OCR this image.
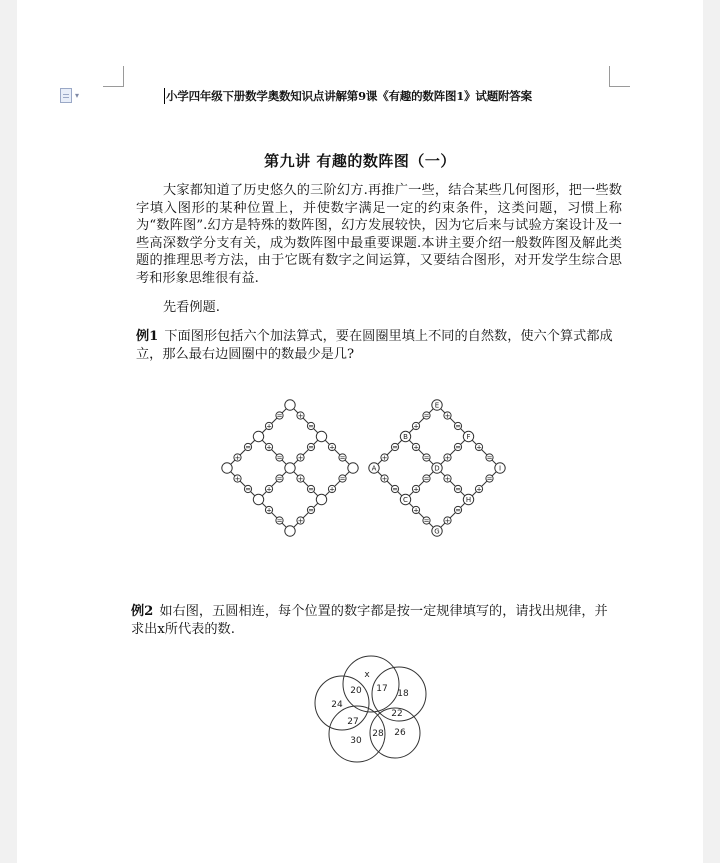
▾	小学四年级下册数学奥数知识点讲解第9课《有趣的数阵图1》试题附答案
第九讲 有趣的数阵图（一）

大家都知道了历史悠久的三阶幻方.再推广一些，结合某些几何图形，把一些数字填入图形的某种位置上，并使数字满足一定的约束条件，这类问题，习惯上称为“数阵图”.幻方是特殊的数阵图，幻方发展较快，因为它后来与试验方案设计及一些高深数学分支有关，成为数阵图中最重要课题.本讲主要介绍一般数阵图及解此类题的推理思考方法，由于它既有数字之间运算，又要结合图形，对开发学生综合思考和形象思维很有益.

先看例题.

例1 下面图形包括六个加法算式，要在圆圈里填上不同的自然数，使六个算式都成立，那么最右边圆圈中的数最少是几?

+
=
=
+
+
=
=
+
+
=
=
+
+
=
=
+
+
=
=
+
+
=
=
+
+
=
=
+
+
=
=
+
+
=
=
+
+
=
=
+
+
=
=
+
+
=
=
+
E
F
I
B
D
H
A
C
G

例2 如右图，五圆相连，每个位置的数字都是按一定规律填写的，请找出规律，并求出x所代表的数.

x
20 17 18
24
27
22
28 26
30
